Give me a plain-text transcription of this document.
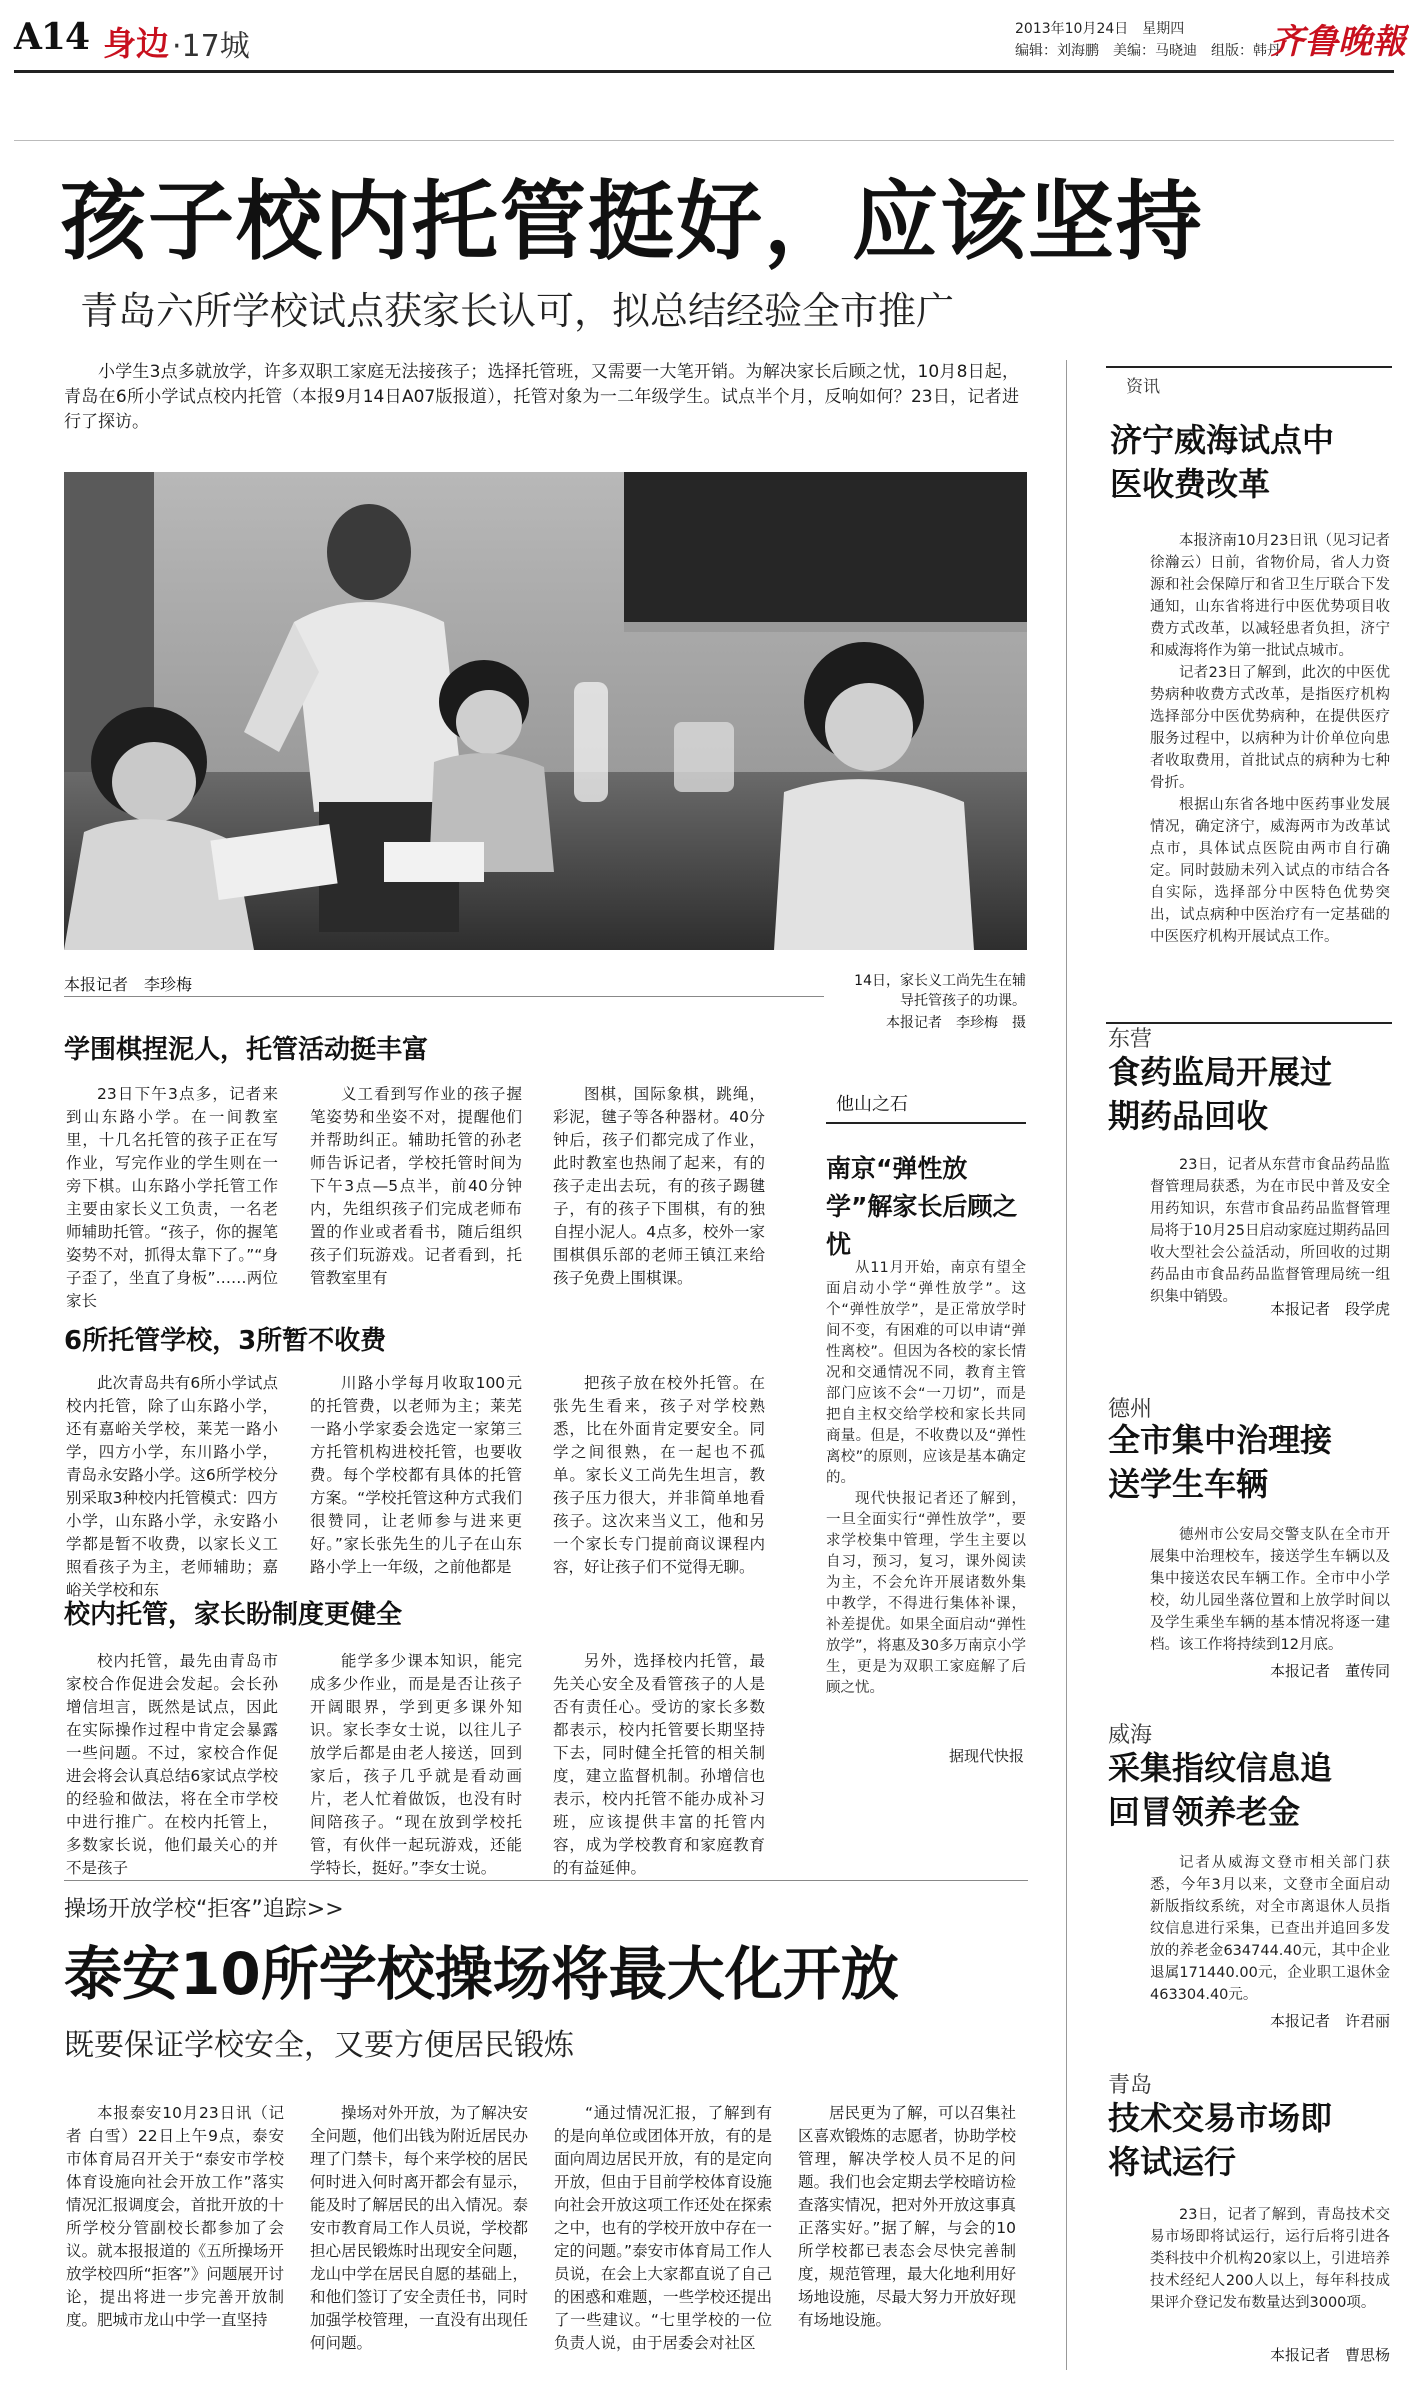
A14 身边 ·17城	2013年10月24日　星期四
编辑：刘海鹏　美编：马晓迪　组版：韩丹
齐鲁晚報
孩子校内托管挺好，应该坚持
青岛六所学校试点获家长认可，拟总结经验全市推广

小学生3点多就放学，许多双职工家庭无法接孩子；选择托管班，又需要一大笔开销。为解决家长后顾之忧，10月8日起，青岛在6所小学试点校内托管（本报9月14日A07版报道），托管对象为一二年级学生。试点半个月，反响如何？23日，记者进行了探访。

本报记者　李珍梅	14日，家长义工尚先生在辅导托管孩子的功课。
本报记者　李珍梅　摄
学围棋捏泥人，托管活动挺丰富

23日下午3点多，记者来到山东路小学。在一间教室里，十几名托管的孩子正在写作业，写完作业的学生则在一旁下棋。山东路小学托管工作主要由家长义工负责，一名老师辅助托管。“孩子，你的握笔姿势不对，抓得太靠下了。”“身子歪了，坐直了身板”……两位家长

义工看到写作业的孩子握笔姿势和坐姿不对，提醒他们并帮助纠正。辅助托管的孙老师告诉记者，学校托管时间为下午3点—5点半，前40分钟内，先组织孩子们完成老师布置的作业或者看书，随后组织孩子们玩游戏。记者看到，托管教室里有

图棋，国际象棋，跳绳，彩泥，毽子等各种器材。40分钟后，孩子们都完成了作业，此时教室也热闹了起来，有的孩子走出去玩，有的孩子踢毽子，有的孩子下围棋，有的独自捏小泥人。4点多，校外一家围棋俱乐部的老师王镇江来给孩子免费上围棋课。

6所托管学校，3所暂不收费

此次青岛共有6所小学试点校内托管，除了山东路小学，还有嘉峪关学校，莱芜一路小学，四方小学，东川路小学，青岛永安路小学。这6所学校分别采取3种校内托管模式：四方小学，山东路小学，永安路小学都是暂不收费，以家长义工照看孩子为主，老师辅助；嘉峪关学校和东

川路小学每月收取100元的托管费，以老师为主；莱芜一路小学家委会选定一家第三方托管机构进校托管，也要收费。每个学校都有具体的托管方案。“学校托管这种方式我们很赞同，让老师参与进来更好。”家长张先生的儿子在山东路小学上一年级，之前他都是

把孩子放在校外托管。在张先生看来，孩子对学校熟悉，比在外面肯定要安全。同学之间很熟，在一起也不孤单。家长义工尚先生坦言，教孩子压力很大，并非简单地看孩子。这次来当义工，他和另一个家长专门提前商议课程内容，好让孩子们不觉得无聊。

校内托管，家长盼制度更健全

校内托管，最先由青岛市家校合作促进会发起。会长孙增信坦言，既然是试点，因此在实际操作过程中肯定会暴露一些问题。不过，家校合作促进会将会认真总结6家试点学校的经验和做法，将在全市学校中进行推广。在校内托管上，多数家长说，他们最关心的并不是孩子

能学多少课本知识，能完成多少作业，而是是否让孩子开阔眼界，学到更多课外知识。家长李女士说，以往儿子放学后都是由老人接送，回到家后，孩子几乎就是看动画片，老人忙着做饭，也没有时间陪孩子。“现在放到学校托管，有伙伴一起玩游戏，还能学特长，挺好。”李女士说。

另外，选择校内托管，最先关心安全及看管孩子的人是否有责任心。受访的家长多数都表示，校内托管要长期坚持下去，同时健全托管的相关制度，建立监督机制。孙增信也表示，校内托管不能办成补习班，应该提供丰富的托管内容，成为学校教育和家庭教育的有益延伸。

他山之石
南京“弹性放学”解家长后顾之忧

从11月开始，南京有望全面启动小学“弹性放学”。这个“弹性放学”，是正常放学时间不变，有困难的可以申请“弹性离校”。但因为各校的家长情况和交通情况不同，教育主管部门应该不会“一刀切”，而是把自主权交给学校和家长共同商量。但是，不收费以及“弹性离校”的原则，应该是基本确定的。

现代快报记者还了解到，一旦全面实行“弹性放学”，要求学校集中管理，学生主要以自习，预习，复习，课外阅读为主，不会允许开展诸数外集中教学，不得进行集体补课，补差提优。如果全面启动“弹性放学”，将惠及30多万南京小学生，更是为双职工家庭解了后顾之忧。

据现代快报
操场开放学校“拒客”追踪>>
泰安10所学校操场将最大化开放
既要保证学校安全，又要方便居民锻炼

本报泰安10月23日讯（记者 白雪）22日上午9点，泰安市体育局召开关于“泰安市学校体育设施向社会开放工作”落实情况汇报调度会，首批开放的十所学校分管副校长都参加了会议。就本报报道的《五所操场开放学校四所“拒客”》问题展开讨论，提出将进一步完善开放制度。肥城市龙山中学一直坚持

操场对外开放，为了解决安全问题，他们出钱为附近居民办理了门禁卡，每个来学校的居民何时进入何时离开都会有显示，能及时了解居民的出入情况。泰安市教育局工作人员说，学校都担心居民锻炼时出现安全问题，龙山中学在居民自愿的基础上，和他们签订了安全责任书，同时加强学校管理，一直没有出现任何问题。

“通过情况汇报，了解到有的是向单位或团体开放，有的是面向周边居民开放，有的是定向开放，但由于目前学校体育设施向社会开放这项工作还处在探索之中，也有的学校开放中存在一定的问题。”泰安市体育局工作人员说，在会上大家都直说了自己的困惑和难题，一些学校还提出了一些建议。“七里学校的一位负责人说，由于居委会对社区

居民更为了解，可以召集社区喜欢锻炼的志愿者，协助学校管理，解决学校人员不足的问题。我们也会定期去学校暗访检查落实情况，把对外开放这事真正落实好。”据了解，与会的10所学校都已表态会尽快完善制度，规范管理，最大化地利用好场地设施，尽最大努力开放好现有场地设施。

资讯
济宁威海试点中医收费改革

本报济南10月23日讯（见习记者 徐瀚云）日前，省物价局，省人力资源和社会保障厅和省卫生厅联合下发通知，山东省将进行中医优势项目收费方式改革，以减轻患者负担，济宁和威海将作为第一批试点城市。

记者23日了解到，此次的中医优势病种收费方式改革，是指医疗机构选择部分中医优势病种，在提供医疗服务过程中，以病种为计价单位向患者收取费用，首批试点的病种为七种骨折。

根据山东省各地中医药事业发展情况，确定济宁，威海两市为改革试点市，具体试点医院由两市自行确定。同时鼓励未列入试点的市结合各自实际，选择部分中医特色优势突出，试点病种中医治疗有一定基础的中医医疗机构开展试点工作。

东营
食药监局开展过期药品回收

23日，记者从东营市食品药品监督管理局获悉，为在市民中普及安全用药知识，东营市食品药品监督管理局将于10月25日启动家庭过期药品回收大型社会公益活动，所回收的过期药品由市食品药品监督管理局统一组织集中销毁。

本报记者　段学虎
德州
全市集中治理接送学生车辆

德州市公安局交警支队在全市开展集中治理校车，接送学生车辆以及集中接送农民车辆工作。全市中小学校，幼儿园坐落位置和上放学时间以及学生乘坐车辆的基本情况将逐一建档。该工作将持续到12月底。

本报记者　董传同
威海
采集指纹信息追回冒领养老金

记者从威海文登市相关部门获悉，今年3月以来，文登市全面启动新版指纹系统，对全市离退休人员指纹信息进行采集，已查出并追回多发放的养老金634744.40元，其中企业退属171440.00元，企业职工退休金463304.40元。

本报记者　许君丽
青岛
技术交易市场即将试运行

23日，记者了解到，青岛技术交易市场即将试运行，运行后将引进各类科技中介机构20家以上，引进培养技术经纪人200人以上，每年科技成果评介登记发布数量达到3000项。

本报记者　曹思杨
